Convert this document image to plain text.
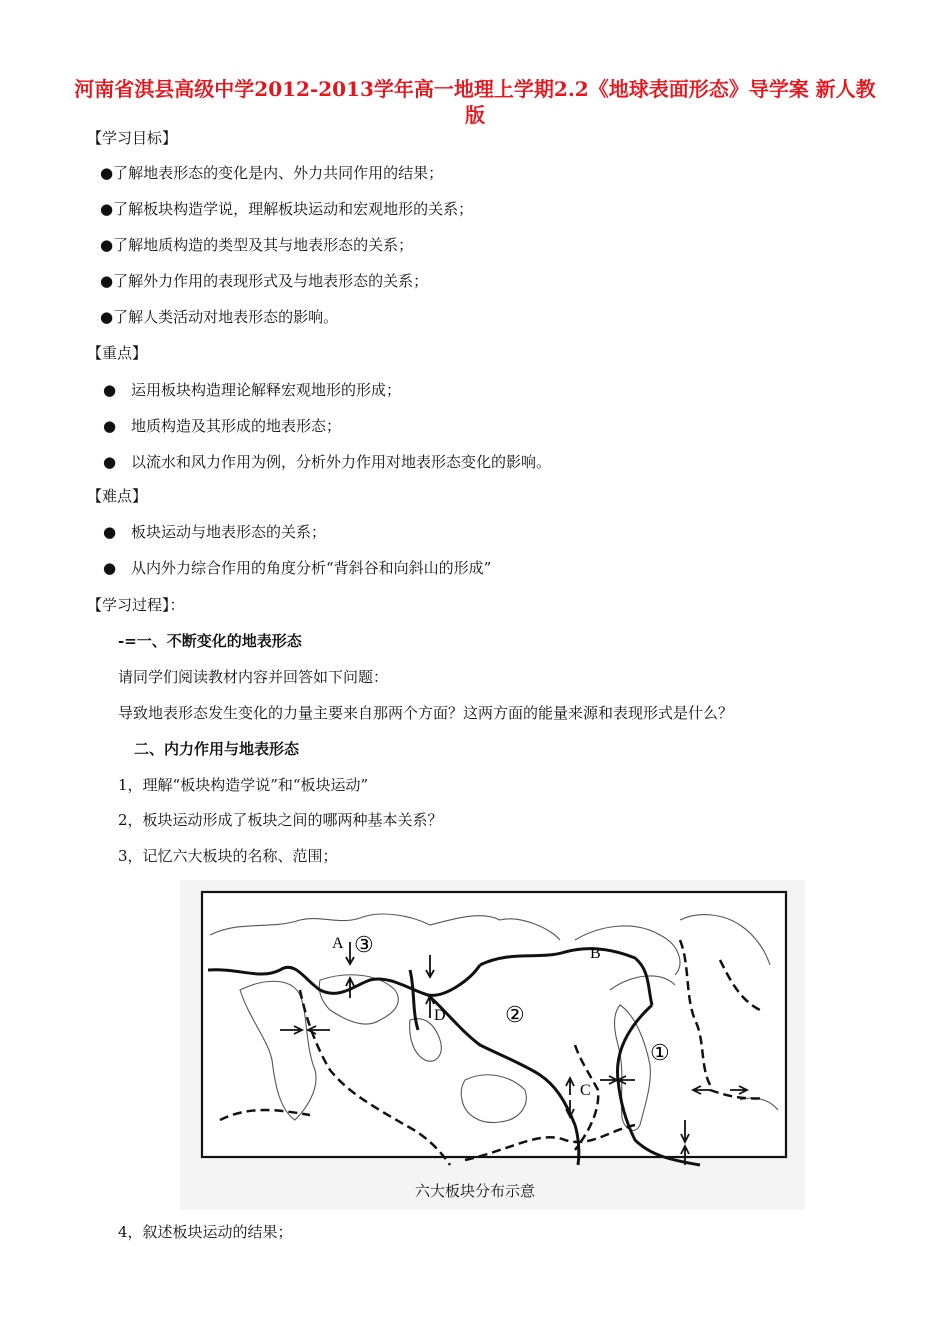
河南省淇县高级中学2012-2013学年高一地理上学期2.2《地球表面形态》导学案 新人教版
【学习目标】
●了解地表形态的变化是内、外力共同作用的结果；
●了解板块构造学说，理解板块运动和宏观地形的关系；
●了解地质构造的类型及其与地表形态的关系；
●了解外力作用的表现形式及与地表形态的关系；
●了解人类活动对地表形态的影响。
【重点】
● 运用板块构造理论解释宏观地形的形成；
● 地质构造及其形成的地表形态；
● 以流水和风力作用为例，分析外力作用对地表形态变化的影响。
【难点】
● 板块运动与地表形态的关系；
● 从内外力综合作用的角度分析“背斜谷和向斜山的形成”
【学习过程】：
-=一、不断变化的地表形态
请同学们阅读教材内容并回答如下问题：
导致地表形态发生变化的力量主要来自那两个方面？这两方面的能量来源和表现形式是什么？
二、内力作用与地表形态
1，理解“板块构造学说”和“板块运动”
2，板块运动形成了板块之间的哪两种基本关系？
3，记忆六大板块的名称、范围；
A ③	B
C
D	②
①
六大板块分布示意
4，叙述板块运动的结果；
